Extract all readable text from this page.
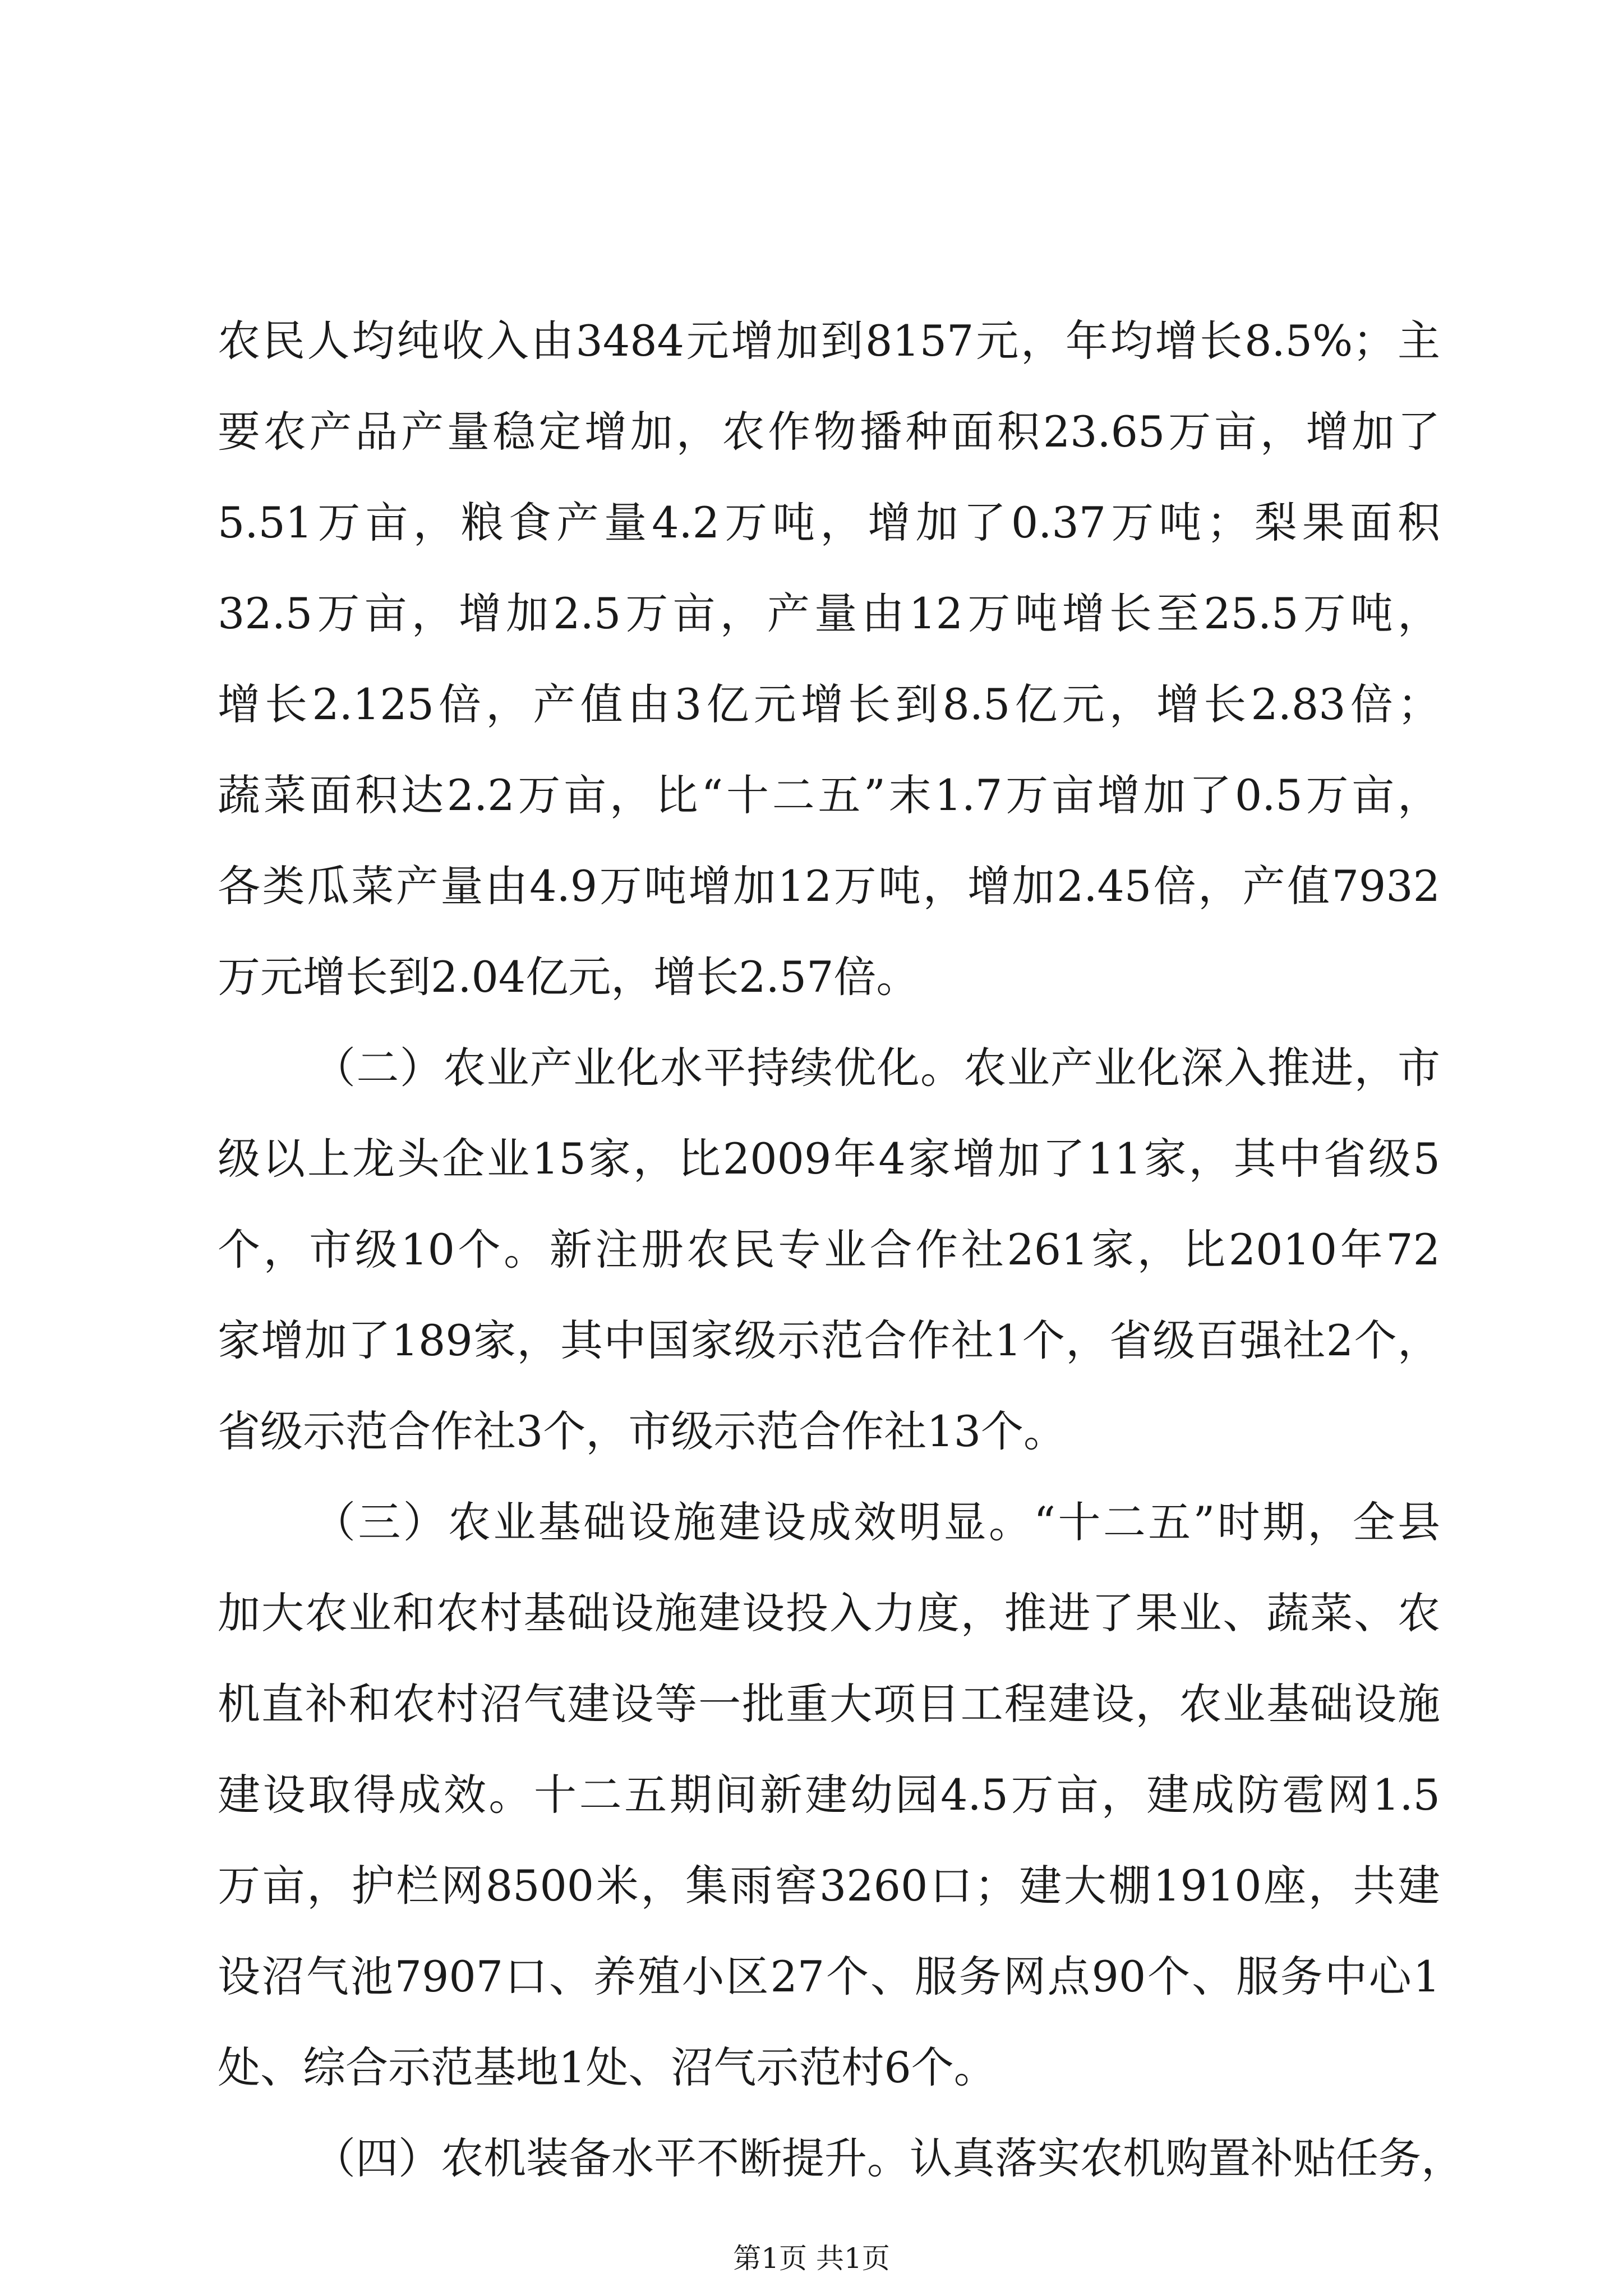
农民人均纯收入由3484元增加到8157元，年均增长8.5%；主
要农产品产量稳定增加，农作物播种面积23.65万亩，增加了
5.51万亩，粮食产量4.2万吨，增加了0.37万吨；梨果面积
32.5万亩，增加2.5万亩，产量由12万吨增长至25.5万吨，
增长2.125倍，产值由3亿元增长到8.5亿元，增长2.83倍；
蔬菜面积达2.2万亩，比“十二五”末1.7万亩增加了0.5万亩，
各类瓜菜产量由4.9万吨增加12万吨，增加2.45倍，产值7932
万元增长到2.04亿元，增长2.57倍。
（二）农业产业化水平持续优化。农业产业化深入推进，市
级以上龙头企业15家，比2009年4家增加了11家，其中省级5
个，市级10个。新注册农民专业合作社261家，比2010年72
家增加了189家，其中国家级示范合作社1个，省级百强社2个，
省级示范合作社3个，市级示范合作社13个。
（三）农业基础设施建设成效明显。“十二五”时期，全县
加大农业和农村基础设施建设投入力度，推进了果业、蔬菜、农
机直补和农村沼气建设等一批重大项目工程建设，农业基础设施
建设取得成效。十二五期间新建幼园4.5万亩，建成防雹网1.5
万亩，护栏网8500米，集雨窖3260口；建大棚1910座，共建
设沼气池7907口、养殖小区27个、服务网点90个、服务中心1
处、综合示范基地1处、沼气示范村6个。
（四）农机装备水平不断提升。认真落实农机购置补贴任务，
第1页 共1页
